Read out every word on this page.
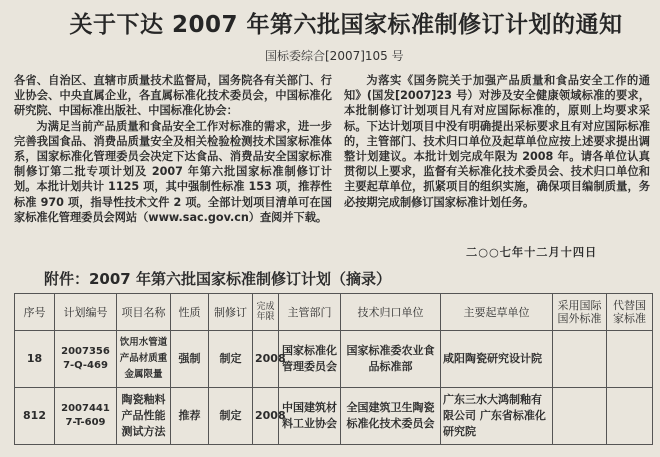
关于下达 2007 年第六批国家标准制修订计划的通知
国标委综合[2007]105 号

各省、自治区、直辖市质量技术监督局，国务院各有关部门、行业协会、中央直属企业，各直属标准化技术委员会，中国标准化研究院、中国标准出版社、中国标准化协会：

为满足当前产品质量和食品安全工作对标准的需求，进一步完善我国食品、消费品质量安全及相关检验检测技术国家标准体系，国家标准化管理委员会决定下达食品、消费品安全国家标准制修订第二批专项计划及 2007 年第六批国家标准制修订计划。本批计划共计 1125 项，其中强制性标准 153 项，推荐性标准 970 项，指导性技术文件 2 项。全部计划项目清单可在国家标准化管理委员会网站（www.sac.gov.cn）查阅并下载。

为落实《国务院关于加强产品质量和食品安全工作的通知》(国发[2007]23 号）对涉及安全健康领域标准的要求，本批制修订计划项目凡有对应国际标准的，原则上均要求采标。下达计划项目中没有明确提出采标要求且有对应国际标准的，主管部门、技术归口单位及起草单位应按上述要求提出调整计划建议。本批计划完成年限为 2008 年。请各单位认真贯彻以上要求，监督有关标准化技术委员会、技术归口单位和主要起草单位，抓紧项目的组织实施，确保项目编制质量，务必按期完成制修订国家标准计划任务。

二○○七年十二月十四日
附件：2007 年第六批国家标准制修订计划（摘录）
序号	计划编号	项目名称	性质	制修订	完成年限	主管部门	技术归口单位	主要起草单位	采用国际国外标准	代替国家标准
18	2007356 7-Q-469	饮用水管道产品材质重金属限量	强制	制定	2008	国家标准化管理委员会	国家标准委农业食品标准部	咸阳陶瓷研究设计院		
812	2007441 7-T-609	陶瓷釉料产品性能测试方法	推荐	制定	2008	中国建筑材料工业协会	全国建筑卫生陶瓷标准化技术委员会	广东三水大鸿制釉有限公司 广东省标准化研究院		
